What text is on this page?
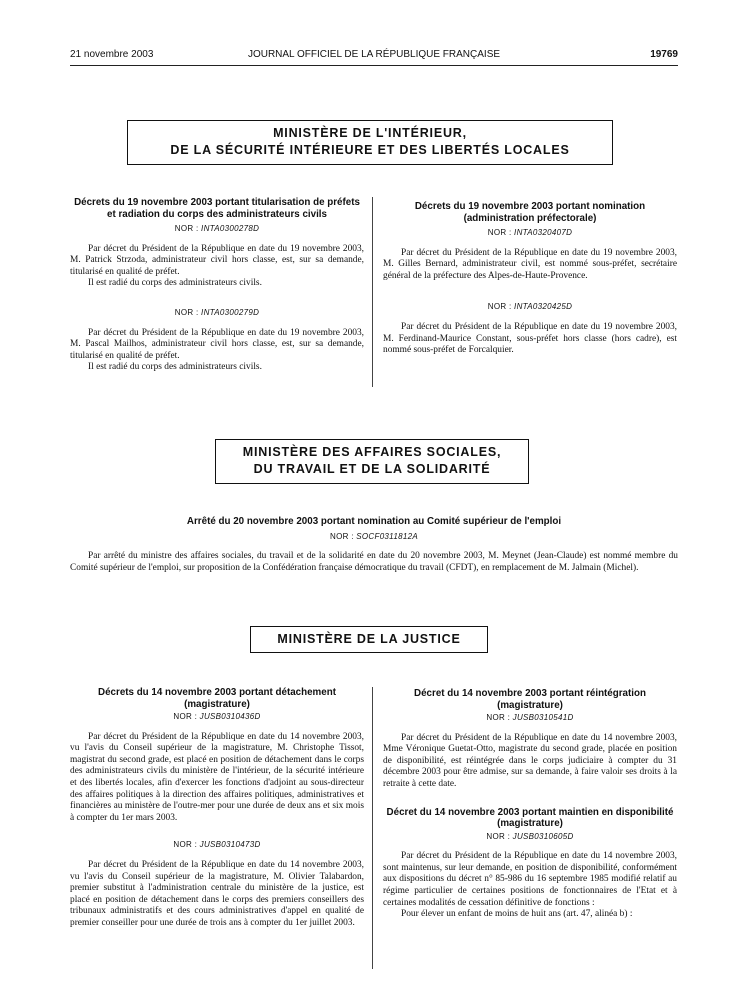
21 novembre 2003	JOURNAL OFFICIEL DE LA RÉPUBLIQUE FRANÇAISE	19769
MINISTÈRE DE L'INTÉRIEUR,
DE LA SÉCURITÉ INTÉRIEURE ET DES LIBERTÉS LOCALES

Décrets du 19 novembre 2003 portant titularisation de préfets et radiation du corps des administrateurs civils

NOR : INTA0300278D

Par décret du Président de la République en date du 19 novembre 2003, M. Patrick Strzoda, administrateur civil hors classe, est, sur sa demande, titularisé en qualité de préfet.

Il est radié du corps des administrateurs civils.

NOR : INTA0300279D

Par décret du Président de la République en date du 19 novembre 2003, M. Pascal Mailhos, administrateur civil hors classe, est, sur sa demande, titularisé en qualité de préfet.

Il est radié du corps des administrateurs civils.

Décrets du 19 novembre 2003 portant nomination (administration préfectorale)

NOR : INTA0320407D

Par décret du Président de la République en date du 19 novembre 2003, M. Gilles Bernard, administrateur civil, est nommé sous-préfet, secrétaire général de la préfecture des Alpes-de-Haute-Provence.

NOR : INTA0320425D

Par décret du Président de la République en date du 19 novembre 2003, M. Ferdinand-Maurice Constant, sous-préfet hors classe (hors cadre), est nommé sous-préfet de Forcalquier.

MINISTÈRE DES AFFAIRES SOCIALES,
DU TRAVAIL ET DE LA SOLIDARITÉ

Arrêté du 20 novembre 2003 portant nomination au Comité supérieur de l'emploi

NOR : SOCF0311812A

Par arrêté du ministre des affaires sociales, du travail et de la solidarité en date du 20 novembre 2003, M. Meynet (Jean-Claude) est nommé membre du Comité supérieur de l'emploi, sur proposition de la Confédération française démocratique du travail (CFDT), en remplacement de M. Jalmain (Michel).

MINISTÈRE DE LA JUSTICE

Décrets du 14 novembre 2003 portant détachement (magistrature)

NOR : JUSB0310436D

Par décret du Président de la République en date du 14 novembre 2003, vu l'avis du Conseil supérieur de la magistrature, M. Christophe Tissot, magistrat du second grade, est placé en position de détachement dans le corps des administrateurs civils du ministère de l'intérieur, de la sécurité intérieure et des libertés locales, afin d'exercer les fonctions d'adjoint au sous-directeur des affaires politiques à la direction des affaires politiques, administratives et financières au ministère de l'outre-mer pour une durée de deux ans et six mois à compter du 1er mars 2003.

NOR : JUSB0310473D

Par décret du Président de la République en date du 14 novembre 2003, vu l'avis du Conseil supérieur de la magistrature, M. Olivier Talabardon, premier substitut à l'administration centrale du ministère de la justice, est placé en position de détachement dans le corps des premiers conseillers des tribunaux administratifs et des cours administratives d'appel en qualité de premier conseiller pour une durée de trois ans à compter du 1er juillet 2003.

Décret du 14 novembre 2003 portant réintégration (magistrature)

NOR : JUSB0310541D

Par décret du Président de la République en date du 14 novembre 2003, Mme Véronique Guetat-Otto, magistrate du second grade, placée en position de disponibilité, est réintégrée dans le corps judiciaire à compter du 31 décembre 2003 pour être admise, sur sa demande, à faire valoir ses droits à la retraite à cette date.

Décret du 14 novembre 2003 portant maintien en disponibilité (magistrature)

NOR : JUSB0310605D

Par décret du Président de la République en date du 14 novembre 2003, sont maintenus, sur leur demande, en position de disponibilité, conformément aux dispositions du décret n° 85-986 du 16 septembre 1985 modifié relatif au régime particulier de certaines positions de fonctionnaires de l'Etat et à certaines modalités de cessation définitive de fonctions :

Pour élever un enfant de moins de huit ans (art. 47, alinéa b) :
